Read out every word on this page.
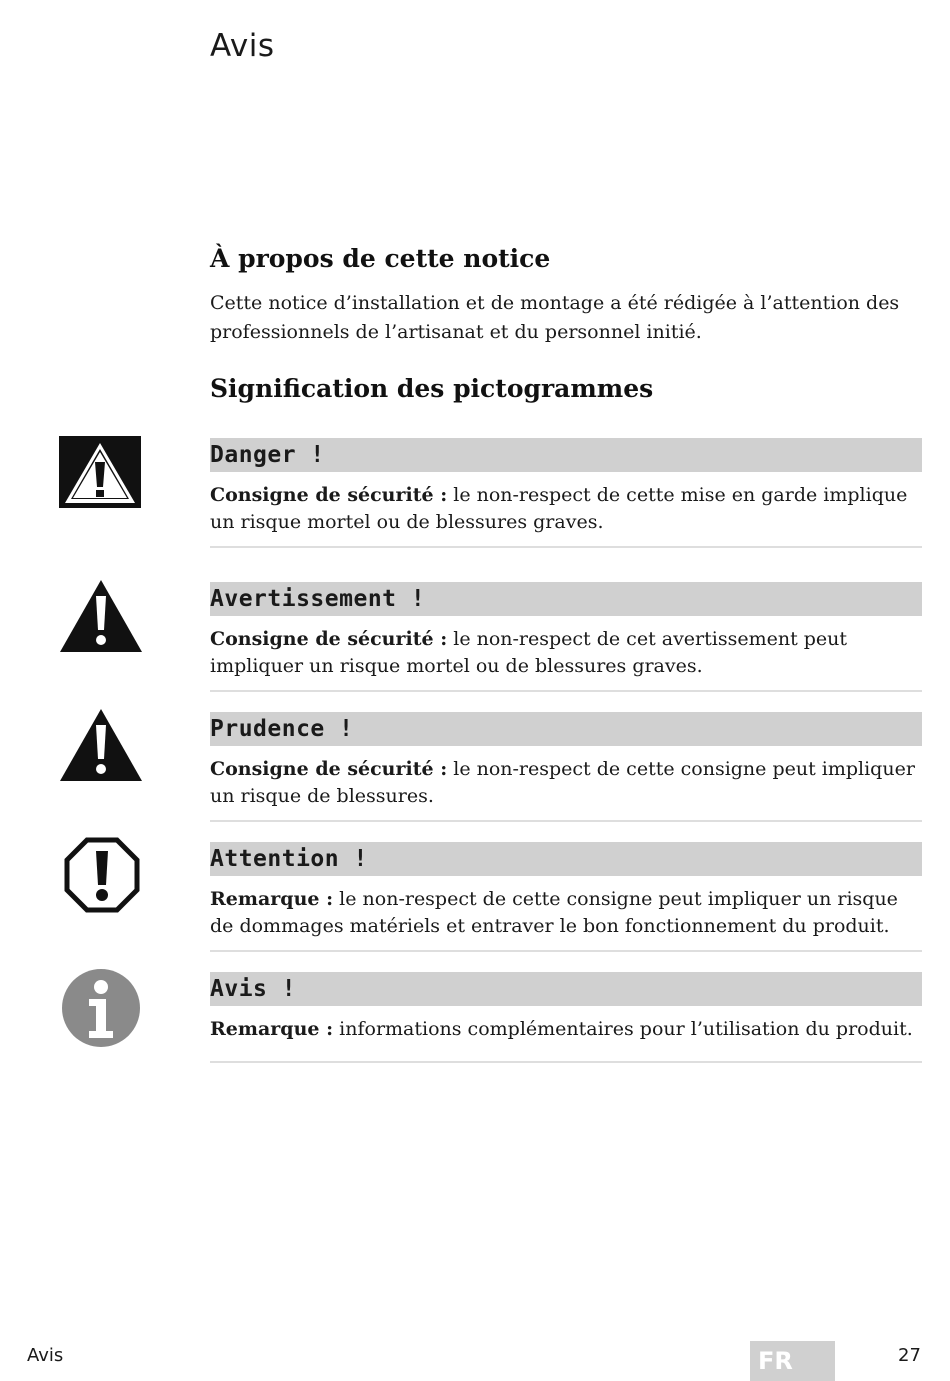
Avis
À propos de cette notice

Cette notice d’installation et de montage a été rédigée à l’attention des professionnels de l’artisanat et du personnel initié.

Signification des pictogrammes
Danger !

Consigne de sécurité : le non-respect de cette mise en garde implique un risque mortel ou de blessures graves.

Avertissement !

Consigne de sécurité : le non-respect de cet avertissement peut impliquer un risque mortel ou de blessures graves.

Prudence !

Consigne de sécurité : le non-respect de cette consigne peut impliquer un risque de blessures.

Attention !

Remarque : le non-respect de cette consigne peut impliquer un risque de dommages matériels et entraver le bon fonctionnement du produit.

Avis !

Remarque : informations complémentaires pour l’utilisation du produit.

Avis	FR	27
